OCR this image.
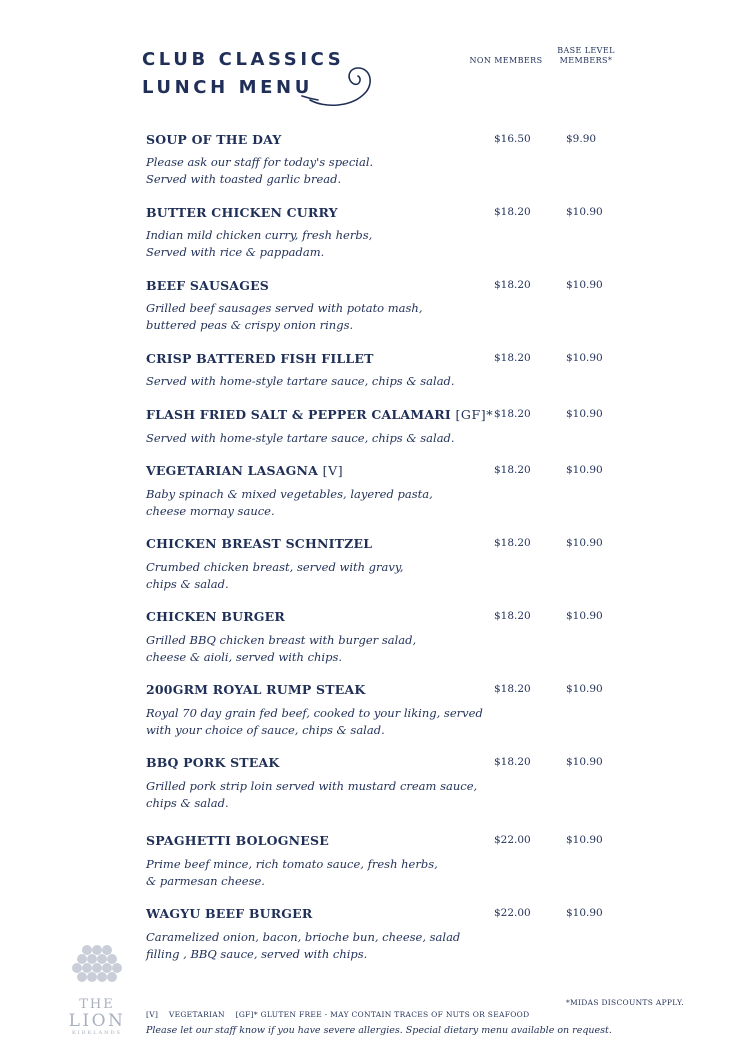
CLUB CLASSICS
LUNCH MENU
NON MEMBERS
BASE LEVEL
MEMBERS*
SOUP OF THE DAY
Please ask our staff for today's special.
Served with toasted garlic bread.
$16.50	$9.90
BUTTER CHICKEN CURRY
Indian mild chicken curry, fresh herbs,
Served with rice & pappadam.
$18.20	$10.90
BEEF SAUSAGES
Grilled beef sausages served with potato mash,
buttered peas & crispy onion rings.
$18.20	$10.90
CRISP BATTERED FISH FILLET
Served with home-style tartare sauce, chips & salad.
$18.20	$10.90
FLASH FRIED SALT & PEPPER CALAMARI [GF]*
Served with home-style tartare sauce, chips & salad.
$18.20	$10.90
VEGETARIAN LASAGNA [V]
Baby spinach & mixed vegetables, layered pasta,
cheese mornay sauce.
$18.20	$10.90
CHICKEN BREAST SCHNITZEL
Crumbed chicken breast, served with gravy,
chips & salad.
$18.20	$10.90
CHICKEN BURGER
Grilled BBQ chicken breast with burger salad,
cheese & aioli, served with chips.
$18.20	$10.90
200GRM ROYAL RUMP STEAK
Royal 70 day grain fed beef, cooked to your liking, served
with your choice of sauce, chips & salad.
$18.20	$10.90
BBQ PORK STEAK
Grilled pork strip loin served with mustard cream sauce,
chips & salad.
$18.20	$10.90
SPAGHETTI BOLOGNESE
Prime beef mince, rich tomato sauce, fresh herbs,
& parmesan cheese.
$22.00	$10.90
WAGYU BEEF BURGER
Caramelized onion, bacon, brioche bun, cheese, salad
filling , BBQ sauce, served with chips.
$22.00	$10.90
THE
LION
KIRKLANDS
*MIDAS DISCOUNTS APPLY.
[V]    VEGETARIAN    [GF]* GLUTEN FREE - MAY CONTAIN TRACES OF NUTS OR SEAFOOD
Please let our staff know if you have severe allergies. Special dietary menu available on request.
